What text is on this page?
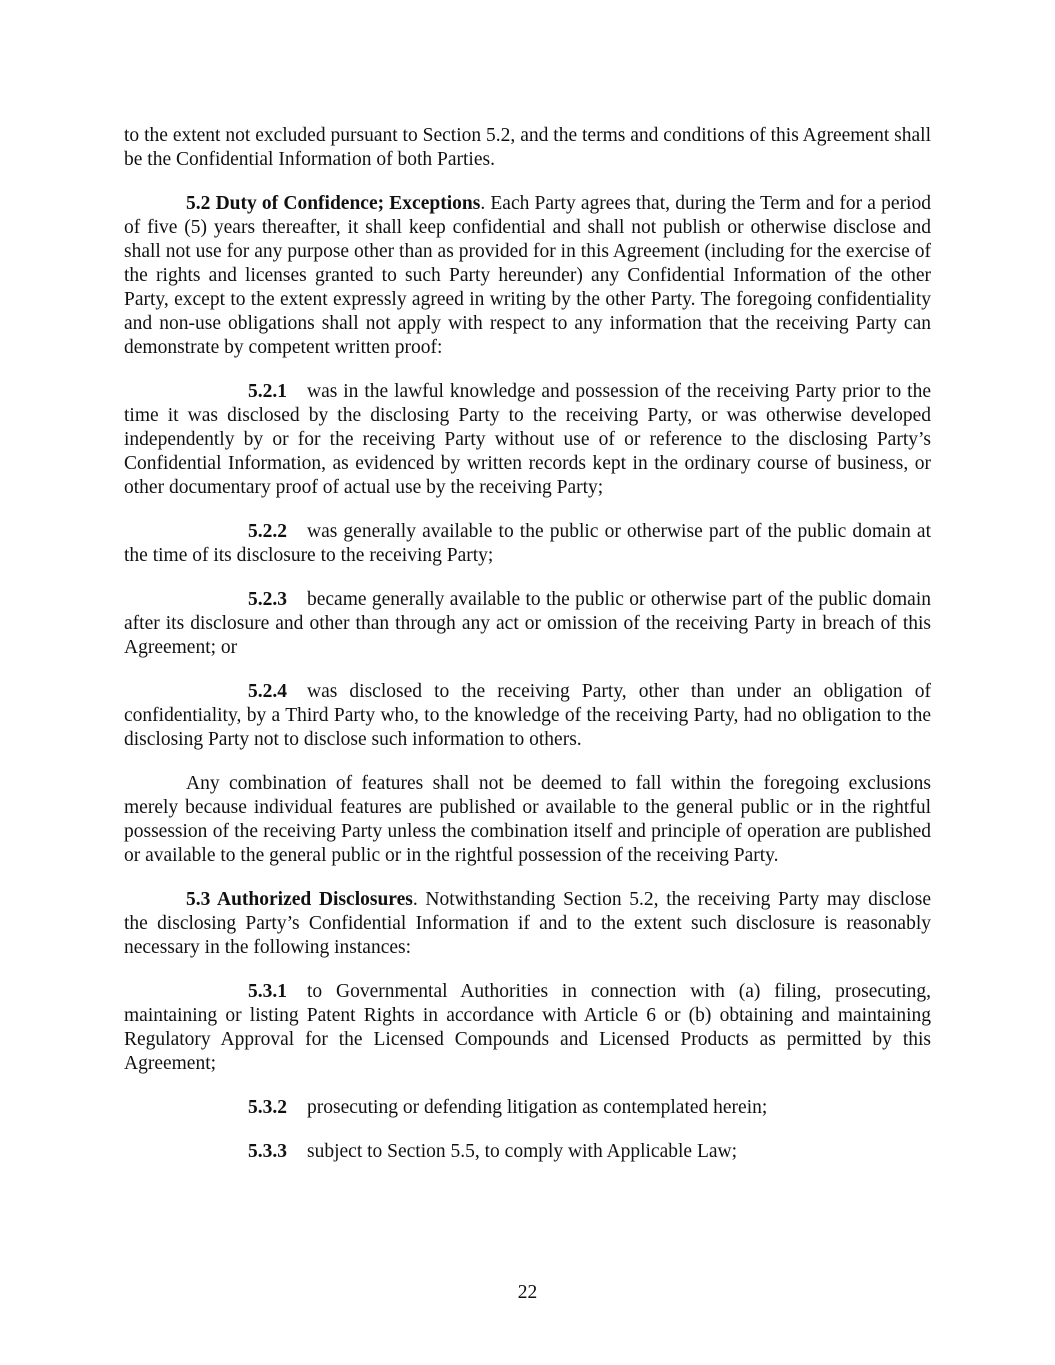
to the extent not excluded pursuant to Section 5.2, and the terms and conditions of this Agreement shall be the Confidential Information of both Parties.

5.2 Duty of Confidence; Exceptions. Each Party agrees that, during the Term and for a period of five (5) years thereafter, it shall keep confidential and shall not publish or otherwise disclose and shall not use for any purpose other than as provided for in this Agreement (including for the exercise of the rights and licenses granted to such Party hereunder) any Confidential Information of the other Party, except to the extent expressly agreed in writing by the other Party. The foregoing confidentiality and non-use obligations shall not apply with respect to any information that the receiving Party can demonstrate by competent written proof:

5.2.1 was in the lawful knowledge and possession of the receiving Party prior to the time it was disclosed by the disclosing Party to the receiving Party, or was otherwise developed independently by or for the receiving Party without use of or reference to the disclosing Party’s Confidential Information, as evidenced by written records kept in the ordinary course of business, or other documentary proof of actual use by the receiving Party;

5.2.2 was generally available to the public or otherwise part of the public domain at the time of its disclosure to the receiving Party;

5.2.3 became generally available to the public or otherwise part of the public domain after its disclosure and other than through any act or omission of the receiving Party in breach of this Agreement; or

5.2.4 was disclosed to the receiving Party, other than under an obligation of confidentiality, by a Third Party who, to the knowledge of the receiving Party, had no obligation to the disclosing Party not to disclose such information to others.

Any combination of features shall not be deemed to fall within the foregoing exclusions merely because individual features are published or available to the general public or in the rightful possession of the receiving Party unless the combination itself and principle of operation are published or available to the general public or in the rightful possession of the receiving Party.

5.3 Authorized Disclosures. Notwithstanding Section 5.2, the receiving Party may disclose the disclosing Party’s Confidential Information if and to the extent such disclosure is reasonably necessary in the following instances:

5.3.1 to Governmental Authorities in connection with (a) filing, prosecuting, maintaining or listing Patent Rights in accordance with Article 6 or (b) obtaining and maintaining Regulatory Approval for the Licensed Compounds and Licensed Products as permitted by this Agreement;

5.3.2 prosecuting or defending litigation as contemplated herein;

5.3.3 subject to Section 5.5, to comply with Applicable Law;

22
